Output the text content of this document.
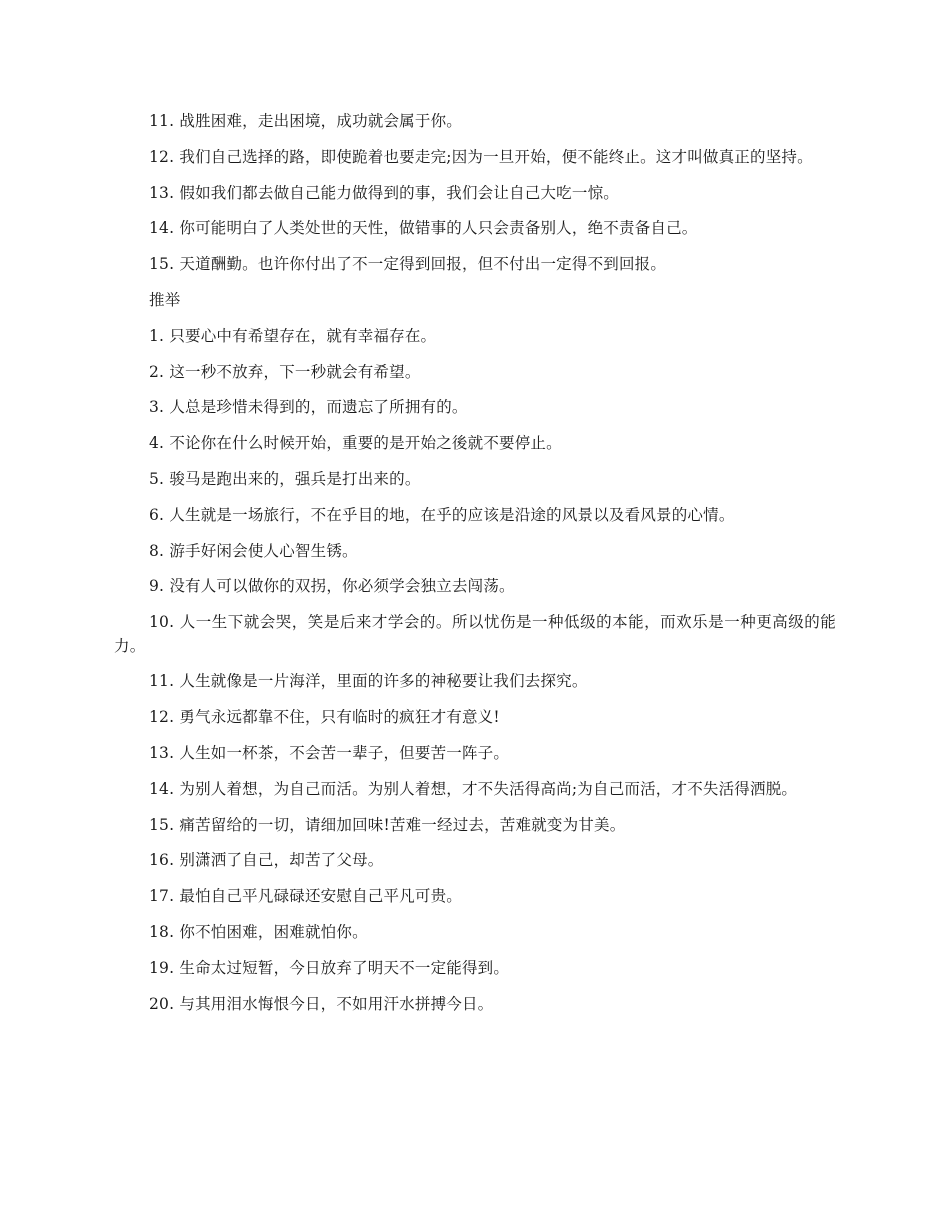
11. 战胜困难，走出困境，成功就会属于你。

12. 我们自己选择的路，即使跪着也要走完;因为一旦开始，便不能终止。这才叫做真正的坚持。

13. 假如我们都去做自己能力做得到的事，我们会让自己大吃一惊。

14. 你可能明白了人类处世的天性，做错事的人只会责备别人，绝不责备自己。

15. 天道酬勤。也许你付出了不一定得到回报，但不付出一定得不到回报。

推举

1. 只要心中有希望存在，就有幸福存在。

2. 这一秒不放弃，下一秒就会有希望。

3. 人总是珍惜未得到的，而遗忘了所拥有的。

4. 不论你在什么时候开始，重要的是开始之後就不要停止。

5. 骏马是跑出来的，强兵是打出来的。

6. 人生就是一场旅行，不在乎目的地，在乎的应该是沿途的风景以及看风景的心情。

8. 游手好闲会使人心智生锈。

9. 没有人可以做你的双拐，你必须学会独立去闯荡。

10. 人一生下就会哭，笑是后来才学会的。所以忧伤是一种低级的本能，而欢乐是一种更高级的能力。

11. 人生就像是一片海洋，里面的许多的神秘要让我们去探究。

12. 勇气永远都靠不住，只有临时的疯狂才有意义!

13. 人生如一杯茶，不会苦一辈子，但要苦一阵子。

14. 为别人着想，为自己而活。为别人着想，才不失活得高尚;为自己而活，才不失活得洒脱。

15. 痛苦留给的一切，请细加回味!苦难一经过去，苦难就变为甘美。

16. 别潇洒了自己，却苦了父母。

17. 最怕自己平凡碌碌还安慰自己平凡可贵。

18. 你不怕困难，困难就怕你。

19. 生命太过短暂，今日放弃了明天不一定能得到。

20. 与其用泪水悔恨今日，不如用汗水拼搏今日。
